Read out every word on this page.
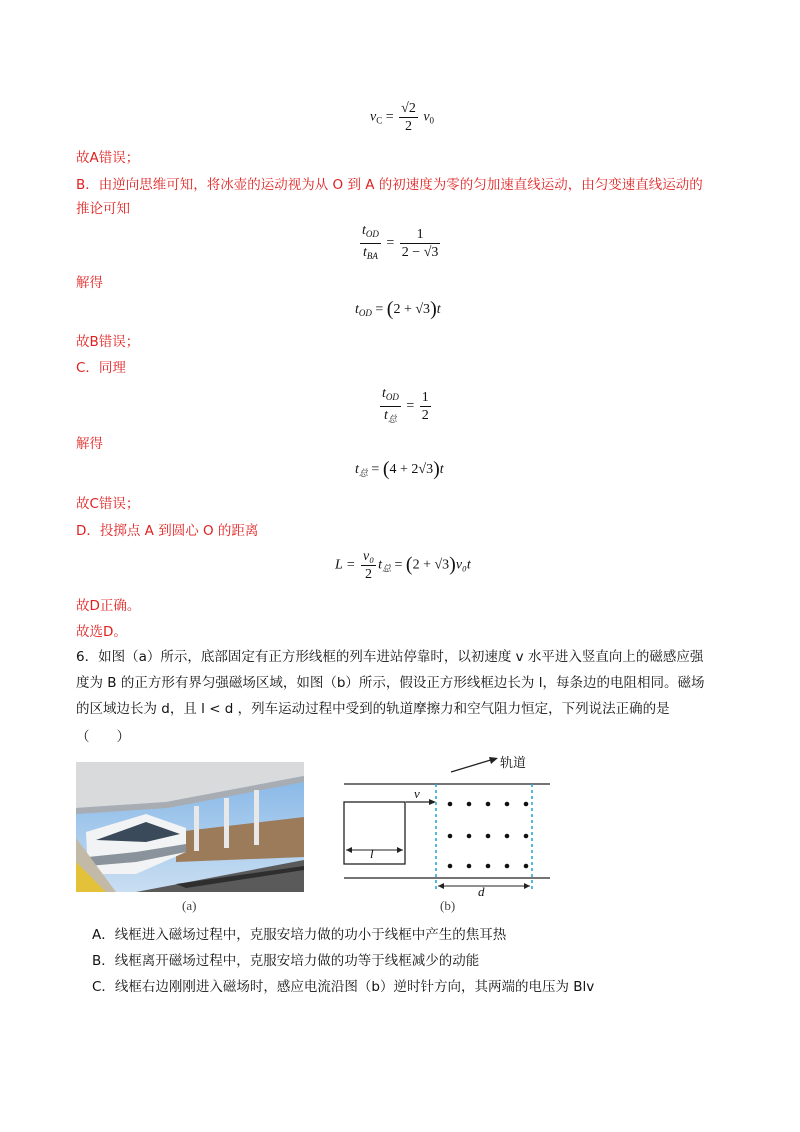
$v_C = \frac{√2}{2} v_0$
故A错误；
B．由逆向思维可知，将冰壶的运动视为从 O 到 A 的初速度为零的匀加速直线运动，由匀变速直线运动的
推论可知
$\frac{t_{OD}}{t_{BA}} = \frac{1}{2 - √3}$
解得
$t_{OD} = (2 + √3)t$
故B错误；
C．同理
$\frac{t_{OD}}{t_总} = \frac{1}{2}$
解得
$t_总 = (4 + 2√3)t$
故C错误；
D．投掷点 A 到圆心 O 的距离
$L = \frac{\text{v₀}}{2} t_总 = (2 + √3)v_0t$
故D正确。
故选D。
6．如图（a）所示，底部固定有正方形线框的列车进站停靠时，以初速度 v 水平进入竖直向上的磁感应强
度为 B 的正方形有界匀强磁场区域，如图（b）所示，假设正方形线框边长为 l，每条边的电阻相同。磁场
的区域边长为 d，且 l < d ，列车运动过程中受到的轨道摩擦力和空气阻力恒定，下列说法正确的是
（　　）
(a)
轨道
v
l
d
(b)
A．线框进入磁场过程中，克服安培力做的功小于线框中产生的焦耳热
B．线框离开磁场过程中，克服安培力做的功等于线框减少的动能
C．线框右边刚刚进入磁场时，感应电流沿图（b）逆时针方向，其两端的电压为 Blv
